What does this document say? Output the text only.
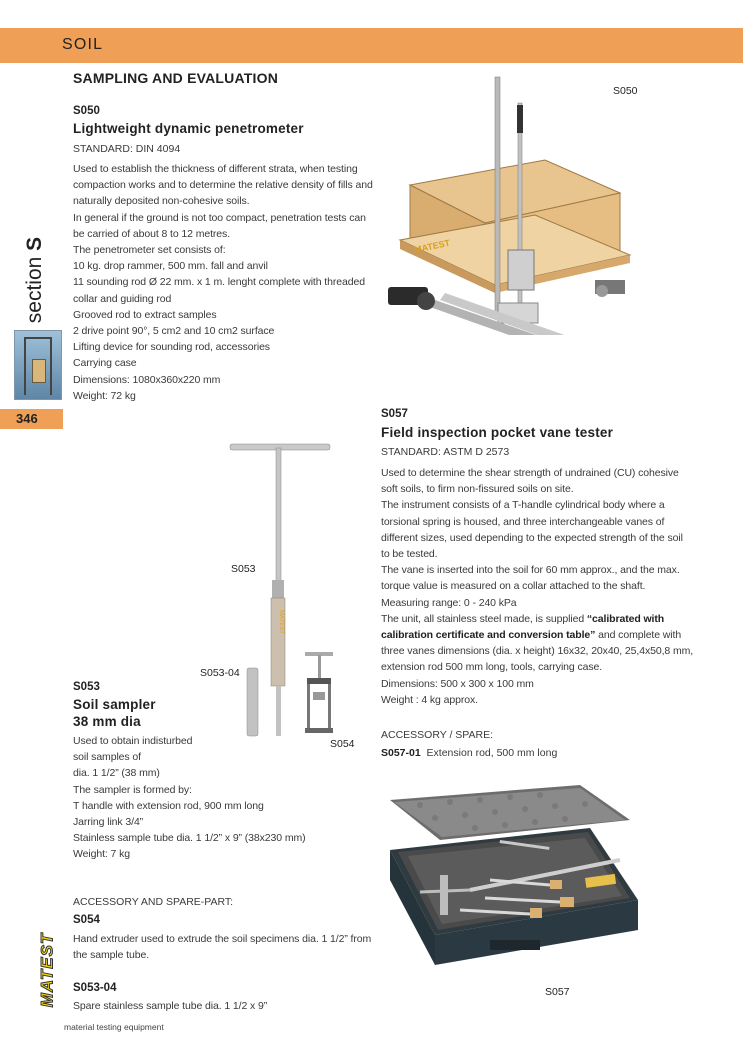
SOIL
section S
346
SAMPLING AND EVALUATION
S050
Lightweight dynamic penetrometer
STANDARD: DIN 4094

Used to establish the thickness of different strata, when testing

compaction works and to determine the relative density of fills and

naturally deposited non-cohesive soils.

In general if the ground is not too compact, penetration tests can

be carried of about 8 to 12 metres.

The penetrometer set consists of:

10 kg. drop rammer, 500 mm. fall and anvil

11 sounding rod Ø 22 mm. x 1 m. lenght complete with threaded

collar and guiding rod

Grooved rod to extract samples

2 drive point 90°, 5 cm2 and 10 cm2 surface

Lifting device for sounding rod, accessories

Carrying case

Dimensions: 1080x360x220 mm

Weight: 72 kg

S050
MATEST
S057
Field inspection pocket vane tester
STANDARD: ASTM D 2573

Used to determine the shear strength of undrained (CU) cohesive

soft soils, to firm non-fissured soils on site.

The instrument consists of a T-handle cylindrical body where a

torsional spring is housed, and three interchangeable vanes of

different sizes, used depending to the expected strength of the soil

to be tested.

The vane is inserted into the soil for 60 mm approx., and the max.

torque value is measured on a collar attached to the shaft.

Measuring range: 0 - 240 kPa

The unit, all stainless steel made, is supplied “calibrated with

calibration certificate and conversion table” and complete with

three vanes dimensions (dia. x height) 16x32, 20x40, 25,4x50,8 mm,

extension rod 500 mm long, tools, carrying case.

Dimensions: 500 x 300 x 100 mm

Weight : 4 kg approx.

ACCESSORY / SPARE:
S057-01 Extension rod, 500 mm long
S057
MATEST
S053
S053-04
S054
S053
Soil sampler
38 mm dia

Used to obtain indisturbed

soil samples of

dia. 1 1/2” (38 mm)

The sampler is formed by:

T handle with extension rod, 900 mm long

Jarring link 3/4”

Stainless sample tube dia. 1 1/2” x 9” (38x230 mm)

Weight: 7 kg

ACCESSORY AND SPARE-PART:
S054

Hand extruder used to extrude the soil specimens dia. 1 1/2” from

the sample tube.

S053-04

Spare stainless sample tube dia. 1 1/2 x 9”

MATEST
material testing equipment
